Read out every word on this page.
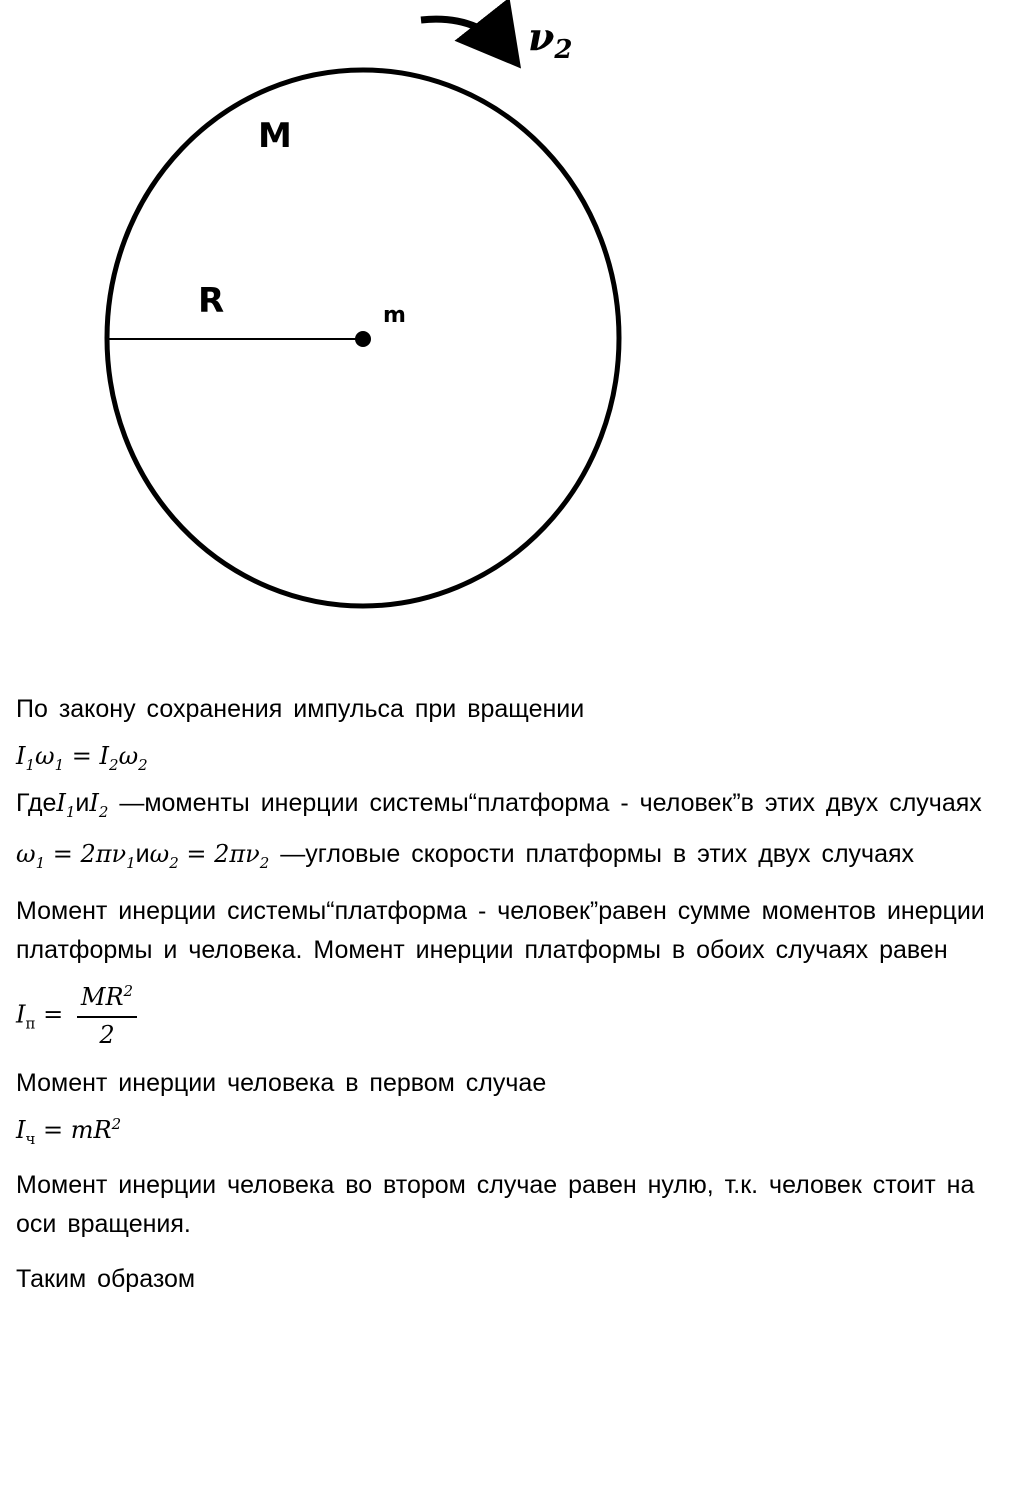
M
R	m
$\nu_2$

По закону сохранения импульса при вращении

$I_1\omega_1 = I_2\omega_2$

$ГдеI_1иI_2$ —моменты инерции системы“платформа - человек”в этих двух случаях

$\omega_1 = 2\pi\nu_1и\omega_2 = 2\pi\nu_2$ —угловые скорости платформы в этих двух случаях

Момент инерции системы“платформа - человек”равен сумме моментов инерции платформы и человека. Момент инерции платформы в обоих случаях равен

$I_п = \frac{MR^2}{2}$

Момент инерции человека в первом случае

$I_ч = mR^2$

Момент инерции человека во втором случае равен нулю, т.к. человек стоит на оси вращения.

Таким образом
